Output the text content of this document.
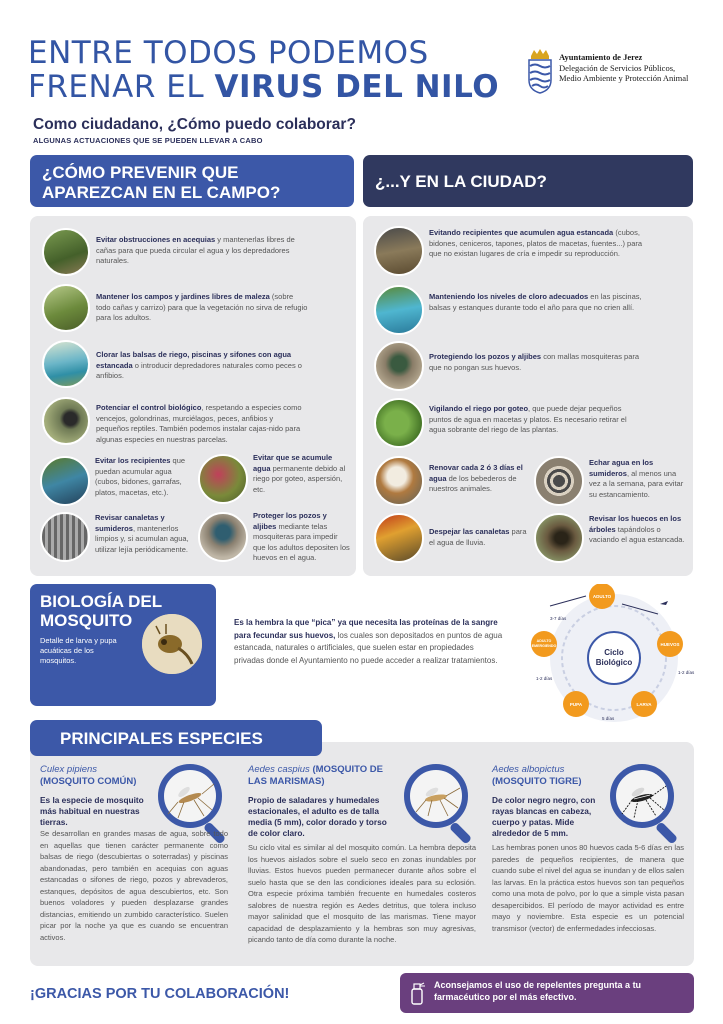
ENTRE TODOS PODEMOS
FRENAR EL VIRUS DEL NILO
Ayuntamiento de Jerez
Delegación de Servicios Públicos,
Medio Ambiente y Protección Animal
Como ciudadano, ¿Cómo puedo colaborar?
ALGUNAS ACTUACIONES QUE SE PUEDEN LLEVAR A CABO
¿CÓMO PREVENIR QUE APAREZCAN EN EL CAMPO?
¿...Y EN LA CIUDAD?
Evitar obstrucciones en acequias y mantenerlas libres de cañas para que pueda circular el agua y los depredadores naturales.
Mantener los campos y jardines libres de maleza (sobre todo cañas y carrizo) para que la vegetación no sirva de refugio para los adultos.
Clorar las balsas de riego, piscinas y sifones con agua estancada o introducir depredadores naturales como peces o anfibios.
Potenciar el control biológico, respetando a especies como vencejos, golondrinas, murciélagos, peces, anfibios y pequeños reptiles. También podemos instalar cajas-nido para algunas especies en nuestras parcelas.
Evitar los recipientes que puedan acumular agua (cubos, bidones, garrafas, platos, macetas, etc.).
Evitar que se acumule agua permanente debido al riego por goteo, aspersión, etc.
Revisar canaletas y sumideros, mantenerlos limpios y, si acumulan agua, utilizar lejía periódicamente.
Proteger los pozos y aljibes mediante telas mosquiteras para impedir que los adultos depositen los huevos en el agua.
Evitando recipientes que acumulen agua estancada (cubos, bidones, ceniceros, tapones, platos de macetas, fuentes...) para que no existan lugares de cría e impedir su reproducción.
Manteniendo los niveles de cloro adecuados en las piscinas, balsas y estanques durante todo el año para que no crien allí.
Protegiendo los pozos y aljibes con mallas mosquiteras para que no pongan sus huevos.
Vigilando el riego por goteo, que puede dejar pequeños puntos de agua en macetas y platos. Es necesario retirar el agua sobrante del riego de las plantas.
Renovar cada 2 ó 3 días el agua de los bebederos de nuestros animales.
Echar agua en los sumideros, al menos una vez a la semana, para evitar su estancamiento.
Despejar las canaletas para el agua de lluvia.
Revisar los huecos en los árboles tapándolos o vaciando el agua estancada.
BIOLOGÍA DEL MOSQUITO
Detalle de larva y pupa acuáticas de los mosquitos.
Es la hembra la que “pica” ya que necesita las proteínas de la sangre para fecundar sus huevos, los cuales son depositados en puntos de agua estancada, naturales o artificiales, que suelen estar en propiedades privadas donde el Ayuntamiento no puede acceder a realizar tratamientos.
Ciclo
Biológico
ADULTO
HUEVOS
LARVA
PUPA
ADULTO
EMERGIENDO
3-7 días
1-2 días
5 días
1-2 días
PRINCIPALES ESPECIES
Culex pipiens
(MOSQUITO COMÚN)
Es la especie de mosquito más habitual en nuestras tierras.
Se desarrollan en grandes masas de agua, sobre todo en aquellas que tienen carácter permanente como balsas de riego (descubiertas o soterradas) y piscinas abandonadas, pero también en acequias con aguas estancadas o sifones de riego, pozos y abrevaderos, estanques, depósitos de agua descubiertos, etc. Son buenos voladores y pueden desplazarse grandes distancias, emitiendo un zumbido característico. Suelen picar por la noche ya que es cuando se encuentran activos.
Aedes caspius (MOSQUITO DE LAS MARISMAS)
Propio de saladares y humedales estacionales, el adulto es de talla media (5 mm), color dorado y torso de color claro.
Su ciclo vital es similar al del mosquito común. La hembra deposita los huevos aislados sobre el suelo seco en zonas inundables por lluvias. Estos huevos pueden permanecer durante años sobre el suelo hasta que se den las condiciones ideales para su eclosión. Otra especie próxima también frecuente en humedales costeros salobres de nuestra región es Aedes detritus, que tolera incluso mayor salinidad que el mosquito de las marismas. Tiene mayor capacidad de desplazamiento y la hembras son muy agresivas, picando tanto de día como durante la noche.
Aedes albopictus
(MOSQUITO TIGRE)
De color negro negro, con rayas blancas en cabeza, cuerpo y patas. Mide alrededor de 5 mm.
Las hembras ponen unos 80 huevos cada 5-6 días en las paredes de pequeños recipientes, de manera que cuando sube el nivel del agua se inundan y de ellos salen las larvas. En la práctica estos huevos son tan pequeños como una mota de polvo, por lo que a simple vista pasan desapercibidos. El período de mayor actividad es entre mayo y noviembre. Esta especie es un potencial transmisor (vector) de enfermedades infecciosas.
¡GRACIAS POR TU COLABORACIÓN!
Aconsejamos el uso de repelentes pregunta a tu farmacéutico por el más efectivo.
